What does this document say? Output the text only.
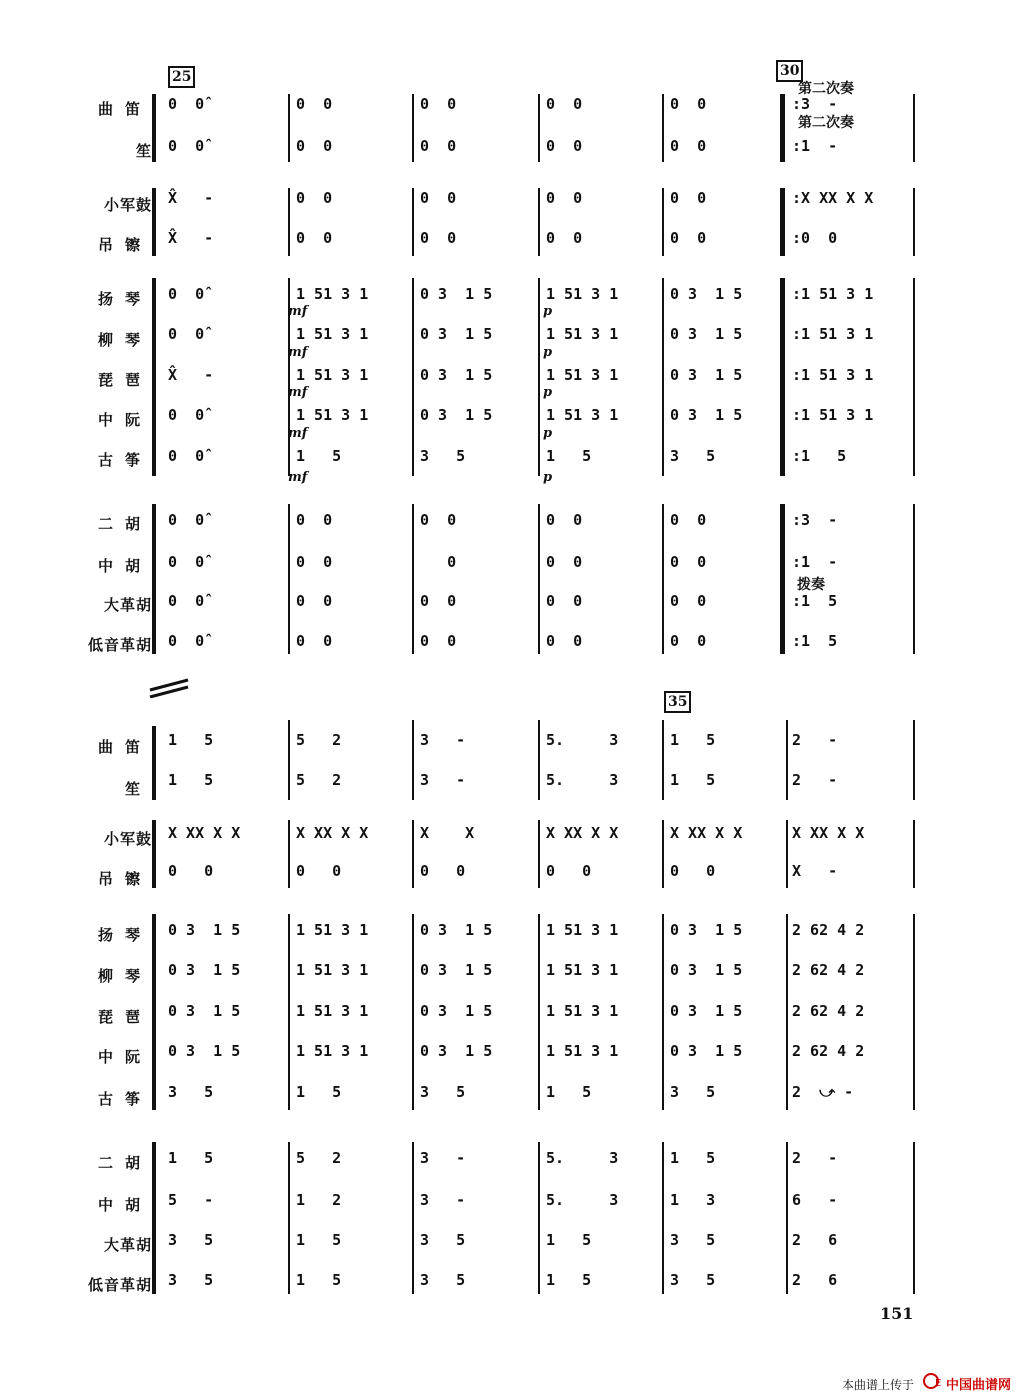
25	30
第二次奏
第二次奏
曲笛
笙
小军鼓
吊镲
扬琴
柳琴
琵琶
中阮
古筝
二胡
中胡
大革胡
低音革胡
0  0̂	0  0	0  0	0  0	0  0	:3  -
0  0̂	0  0	0  0	0  0	0  0	:1  -
X̂   -	0  0	0  0	0  0	0  0	:X XX X X
X̂   -	0  0	0  0	0  0	0  0	:0  0
0  0̂	1 51 3 1	0 3  1 5	1 51 3 1	0 3  1 5	:1 51 3 1
0  0̂	1 51 3 1	0 3  1 5	1 51 3 1	0 3  1 5	:1 51 3 1
X̂   -	1 51 3 1	0 3  1 5	1 51 3 1	0 3  1 5	:1 51 3 1
0  0̂	1 51 3 1	0 3  1 5	1 51 3 1	0 3  1 5	:1 51 3 1
0  0̂	1   5	3   5	1   5	3   5	:1   5
0  0̂	0  0	0  0	0  0	0  0	:3  -
0  0̂	0  0	0	0  0	0  0	:1  -
0  0̂	0  0	0  0	0  0	0  0	:1  5
0  0̂	0  0	0  0	0  0	0  0	:1  5
拨奏
mf
mf
mf
mf
mf
p
p
p
p
p
35
曲笛
笙
小军鼓
吊镲
扬琴
柳琴
琵琶
中阮
古筝
二胡
中胡
大革胡
低音革胡
1   5	5   2	3   -	5.     3	1   5	2   -
1   5	5   2	3   -	5.     3	1   5	2   -
X XX X X	X XX X X	X    X	X XX X X	X XX X X	X XX X X
0   0	0   0	0   0	0   0	0   0	X   -
0 3  1 5	1 51 3 1	0 3  1 5	1 51 3 1	0 3  1 5	2 62 4 2
0 3  1 5	1 51 3 1	0 3  1 5	1 51 3 1	0 3  1 5	2 62 4 2
0 3  1 5	1 51 3 1	0 3  1 5	1 51 3 1	0 3  1 5	2 62 4 2
0 3  1 5	1 51 3 1	0 3  1 5	1 51 3 1	0 3  1 5	2 62 4 2
3   5	1   5	3   5	1   5	3   5	2  ⤻ -
1   5	5   2	3   -	5.     3	1   5	2   -
5   -	1   2	3   -	5.     3	1   3	6   -
3   5	1   5	3   5	1   5	3   5	2   6
3   5	1   5	3   5	1   5	3   5	2   6
151
本曲谱上传于 E 中国曲谱网
